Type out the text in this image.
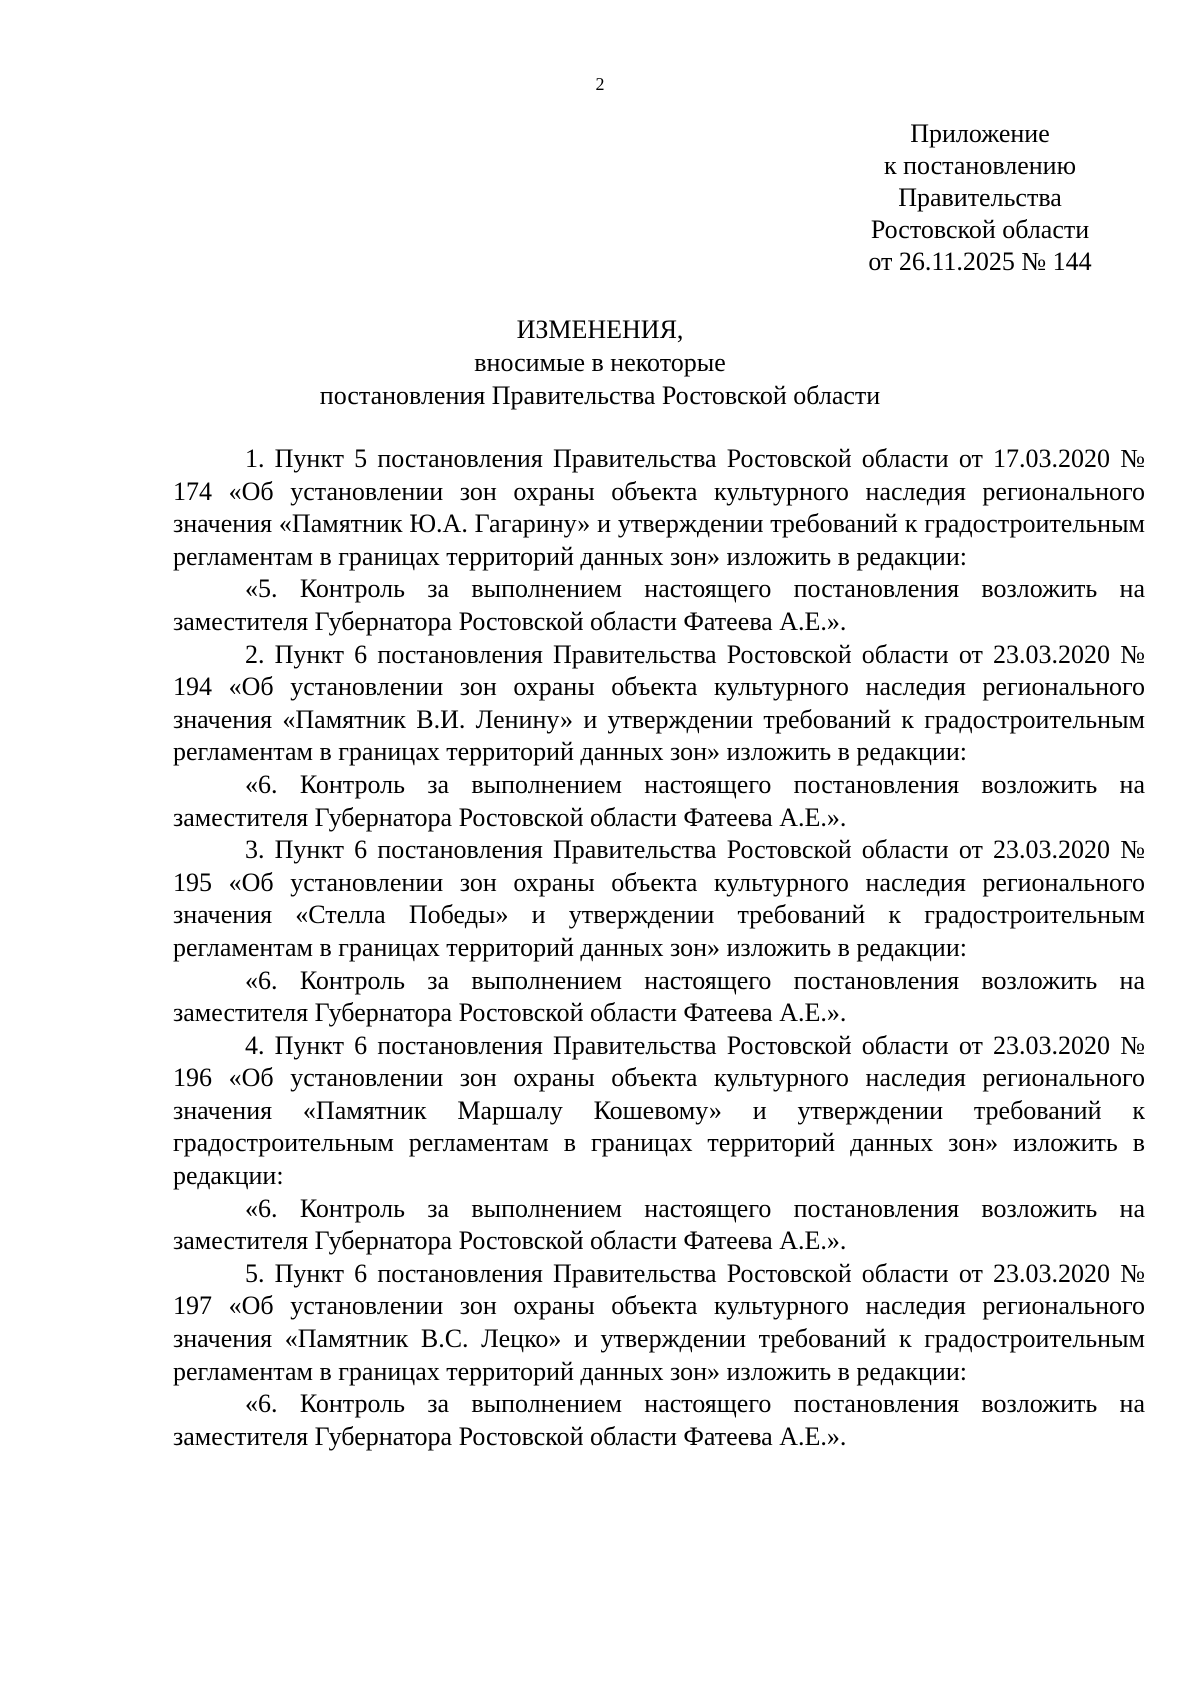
2
Приложение
к постановлению
Правительства
Ростовской области
от 26.11.2025 № 144
ИЗМЕНЕНИЯ,
вносимые в некоторые
постановления Правительства Ростовской области

1. Пункт 5 постановления Правительства Ростовской области от 17.03.2020 № 174 «Об установлении зон охраны объекта культурного наследия регионального значения «Памятник Ю.А. Гагарину» и утверждении требований к градостроительным регламентам в границах территорий данных зон» изложить в редакции:

«5. Контроль за выполнением настоящего постановления возложить на заместителя Губернатора Ростовской области Фатеева А.Е.».

2. Пункт 6 постановления Правительства Ростовской области от 23.03.2020 № 194 «Об установлении зон охраны объекта культурного наследия регионального значения «Памятник В.И. Ленину» и утверждении требований к градостроительным регламентам в границах территорий данных зон» изложить в редакции:

«6. Контроль за выполнением настоящего постановления возложить на заместителя Губернатора Ростовской области Фатеева А.Е.».

3. Пункт 6 постановления Правительства Ростовской области от 23.03.2020 № 195 «Об установлении зон охраны объекта культурного наследия регионального значения «Стелла Победы» и утверждении требований к градостроительным регламентам в границах территорий данных зон» изложить в редакции:

«6. Контроль за выполнением настоящего постановления возложить на заместителя Губернатора Ростовской области Фатеева А.Е.».

4. Пункт 6 постановления Правительства Ростовской области от 23.03.2020 № 196 «Об установлении зон охраны объекта культурного наследия регионального значения «Памятник Маршалу Кошевому» и утверждении требований к градостроительным регламентам в границах территорий данных зон» изложить в редакции:

«6. Контроль за выполнением настоящего постановления возложить на заместителя Губернатора Ростовской области Фатеева А.Е.».

5. Пункт 6 постановления Правительства Ростовской области от 23.03.2020 № 197 «Об установлении зон охраны объекта культурного наследия регионального значения «Памятник В.С. Лецко» и утверждении требований к градостроительным регламентам в границах территорий данных зон» изложить в редакции:

«6. Контроль за выполнением настоящего постановления возложить на заместителя Губернатора Ростовской области Фатеева А.Е.».
